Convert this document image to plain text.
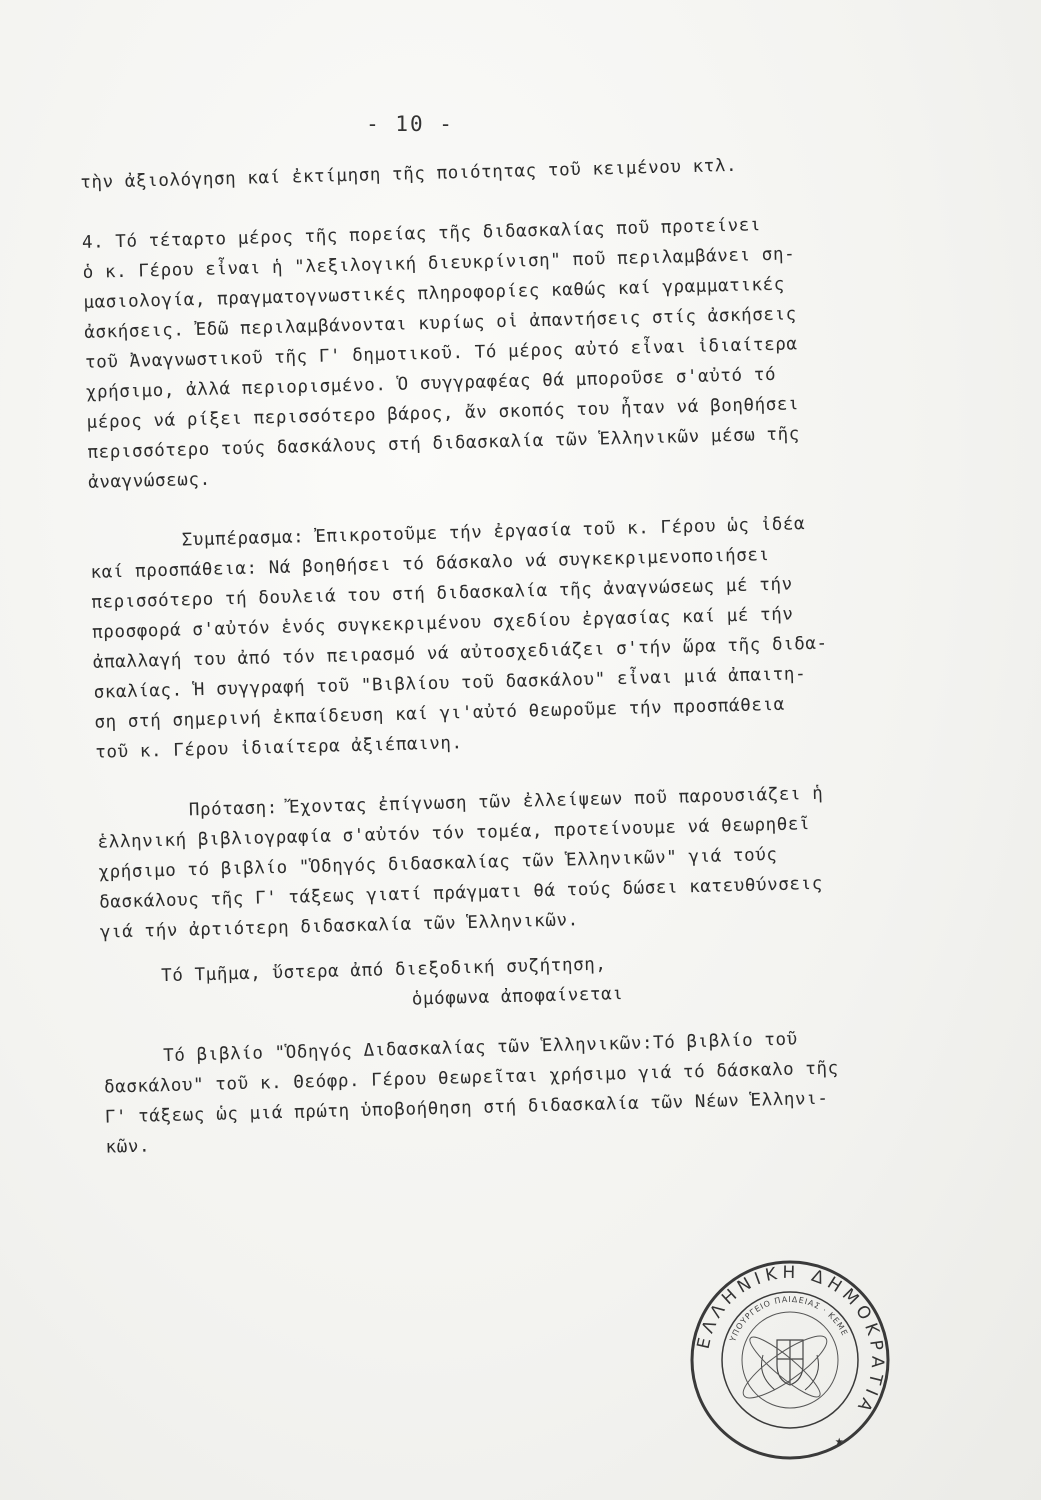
- 10 -
τὴν ἀξιολόγηση καί ἐκτίμηση τῆς ποιότητας τοῦ κειμένου κτλ.
4. Τό τέταρτο μέρος τῆς πορείας τῆς διδασκαλίας ποῦ προτείνει
ὁ κ. Γέρου εἶναι ἡ "λεξιλογική διευκρίνιση" ποῦ περιλαμβάνει ση-
μασιολογία, πραγματογνωστικές πληροφορίες καθώς καί γραμματικές
ἀσκήσεις. Ἐδῶ περιλαμβάνονται κυρίως οἱ ἀπαντήσεις στίς ἀσκήσεις
τοῦ Ἀναγνωστικοῦ τῆς Γ' δημοτικοῦ. Τό μέρος αὐτό εἶναι ἰδιαίτερα
χρήσιμο, ἀλλά περιορισμένο. Ὁ συγγραφέας θά μποροῦσε σ'αὐτό τό
μέρος νά ρίξει περισσότερο βάρος, ἄν σκοπός του ἦταν νά βοηθήσει
περισσότερο τούς δασκάλους στή διδασκαλία τῶν Ἑλληνικῶν μέσω τῆς
ἀναγνώσεως.
Συμπέρασμα: Ἐπικροτοῦμε τήν ἐργασία τοῦ κ. Γέρου ὡς ἰδέα
καί προσπάθεια: Νά βοηθήσει τό δάσκαλο νά συγκεκριμενοποιήσει
περισσότερο τή δουλειά του στή διδασκαλία τῆς ἀναγνώσεως μέ τήν
προσφορά σ'αὐτόν ἑνός συγκεκριμένου σχεδίου ἐργασίας καί μέ τήν
ἀπαλλαγή του ἀπό τόν πειρασμό νά αὐτοσχεδιάζει σ'τήν ὥρα τῆς διδα-
σκαλίας. Ἡ συγγραφή τοῦ "Βιβλίου τοῦ δασκάλου" εἶναι μιά ἀπαιτη-
ση στή σημερινή ἐκπαίδευση καί γι'αὐτό θεωροῦμε τήν προσπάθεια
τοῦ κ. Γέρου ἰδιαίτερα ἀξιέπαινη.
Πρόταση: Ἔχοντας ἐπίγνωση τῶν ἐλλείψεων ποῦ παρουσιάζει ἡ
ἑλληνική βιβλιογραφία σ'αὐτόν τόν τομέα, προτείνουμε νά θεωρηθεῖ
χρήσιμο τό βιβλίο "Ὁδηγός διδασκαλίας τῶν Ἑλληνικῶν" γιά τούς
δασκάλους τῆς Γ' τάξεως γιατί πράγματι θά τούς δώσει κατευθύνσεις
γιά τήν ἀρτιότερη διδασκαλία τῶν Ἑλληνικῶν.
Τό Τμῆμα, ὕστερα ἀπό διεξοδική συζήτηση,
ὁμόφωνα ἀποφαίνεται
Τό βιβλίο "Ὁδηγός Διδασκαλίας τῶν Ἑλληνικῶν:Τό βιβλίο τοῦ
δασκάλου" τοῦ κ. Θεόφρ. Γέρου θεωρεῖται χρήσιμο γιά τό δάσκαλο τῆς
Γ' τάξεως ὡς μιά πρώτη ὑποβοήθηση στή διδασκαλία τῶν Νέων Ἑλληνι-
κῶν.
ΕΛΛΗΝΙΚΗ ΔΗΜΟΚΡΑΤΙΑ
ΥΠΟΥΡΓΕΙΟ ΠΑΙΔΕΙΑΣ · ΚΕΜΕ
★
